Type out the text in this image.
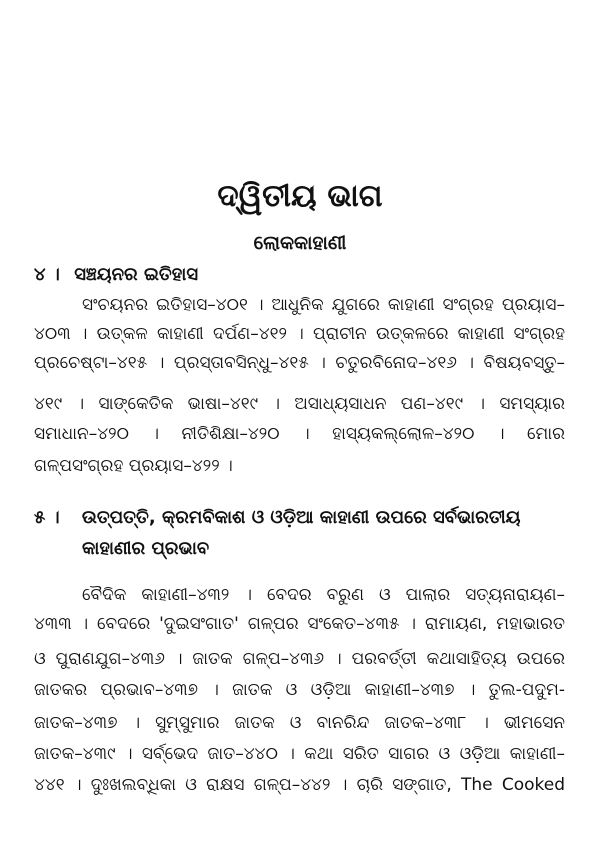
ଦ୍ୱିତୀୟ ଭାଗ
ଲୋକକାହାଣୀ
୪ । ସଞ୍ଚୟନର ଇତିହାସ
ସଂଚୟନର ଇତିହାସ–୪୦୧ । ଆଧୁନିକ ଯୁଗରେ କାହାଣୀ ସଂଗ୍ରହ ପ୍ରୟାସ–
୪୦୩ । ଉତ୍କଳ କାହାଣୀ ଦର୍ପଣ–୪୧୨ । ପ୍ରାଚୀନ ଉତ୍କଳରେ କାହାଣୀ ସଂଗ୍ରହ
ପ୍ରଚେଷ୍ଟା–୪୧୫ । ପ୍ରସ୍ତାବସିନ୍ଧୁ–୪୧୫ । ଚତୁରବିନୋଦ–୪୧୬ । ବିଷୟବସ୍ତୁ–
୪୧୯ । ସାଙ୍କେତିକ ଭାଷା–୪୧୯ । ଅସାଧ୍ୟସାଧନ ପଣ–୪୧୯ । ସମସ୍ୟାର
ସମାଧାନ–୪୨୦ । ନୀତିଶିକ୍ଷା–୪୨୦ । ହାସ୍ୟକଲ୍ଲୋଳ–୪୨୦ । ମୋର
ଗଳ୍ପସଂଗ୍ରହ ପ୍ରୟାସ–୪୨୨ ।
୫ । ଉତ୍ପତ୍ତି, କ୍ରମବିକାଶ ଓ ଓଡ଼ିଆ କାହାଣୀ ଉପରେ ସର୍ବଭାରତୀୟ
କାହାଣୀର ପ୍ରଭାବ
ବୈଦିକ କାହାଣୀ–୪୩୨ । ବେଦର ବରୁଣ ଓ ପାଲାର ସତ୍ୟନାରାୟଣ–
୪୩୩ । ବେଦରେ 'ଦୁଇସଂଗାତ' ଗଳ୍ପର ସଂକେତ–୪୩୫ । ରାମାୟଣ, ମହାଭାରତ
ଓ ପୁରାଣଯୁଗ–୪୩୬ । ଜାତକ ଗଳ୍ପ–୪୩୬ । ପରବର୍ତ୍ତୀ କଥାସାହିତ୍ୟ ଉପରେ
ଜାତକର ପ୍ରଭାବ–୪୩୭ । ଜାତକ ଓ ଓଡ଼ିଆ କାହାଣୀ–୪୩୭ । ତୁଲ-ପଦୁମ-
ଜାତକ–୪୩୭ । ସୁମ୍ସୁମାର ଜାତକ ଓ ବାନରିନ୍ଦ ଜାତକ–୪୩୮ । ଭୀମସେନ
ଜାତକ–୪୩୯ । ସର୍ବ୍ଭେଦ ଜାତ–୪୪୦ । କଥା ସରିତ ସାଗର ଓ ଓଡ଼ିଆ କାହାଣୀ–
୪୪୧ । ଦୁଃଖଲବ୍ଧିକା ଓ ରାକ୍ଷସ ଗଳ୍ପ–୪୪୨ । ଚାରି ସଙ୍ଗାତ, The Cooked
